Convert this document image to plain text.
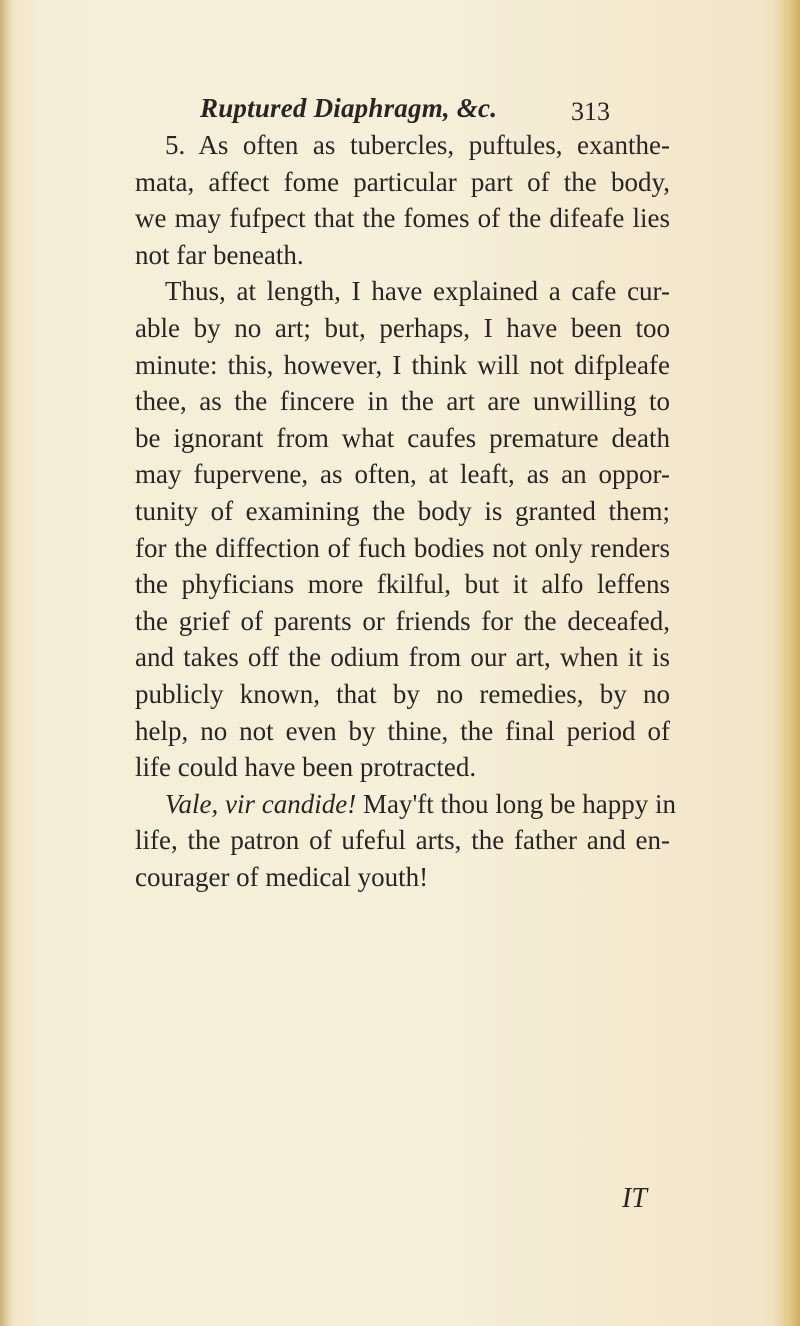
Ruptured Diaphragm, &c.	313
5. As often as tubercles, puftules, exanthe-
mata, affect fome particular part of the body,
we may fufpect that the fomes of the difeafe lies
not far beneath.
Thus, at length, I have explained a cafe cur-
able by no art; but, perhaps, I have been too
minute: this, however, I think will not difpleafe
thee, as the fincere in the art are unwilling to
be ignorant from what caufes premature death
may fupervene, as often, at leaft, as an oppor-
tunity of examining the body is granted them;
for the diffection of fuch bodies not only renders
the phyficians more fkilful, but it alfo leffens
the grief of parents or friends for the deceafed,
and takes off the odium from our art, when it is
publicly known, that by no remedies, by no
help, no not even by thine, the final period of
life could have been protracted.
Vale, vir candide! May'ft thou long be happy in
life, the patron of ufeful arts, the father and en-
courager of medical youth!
IT
